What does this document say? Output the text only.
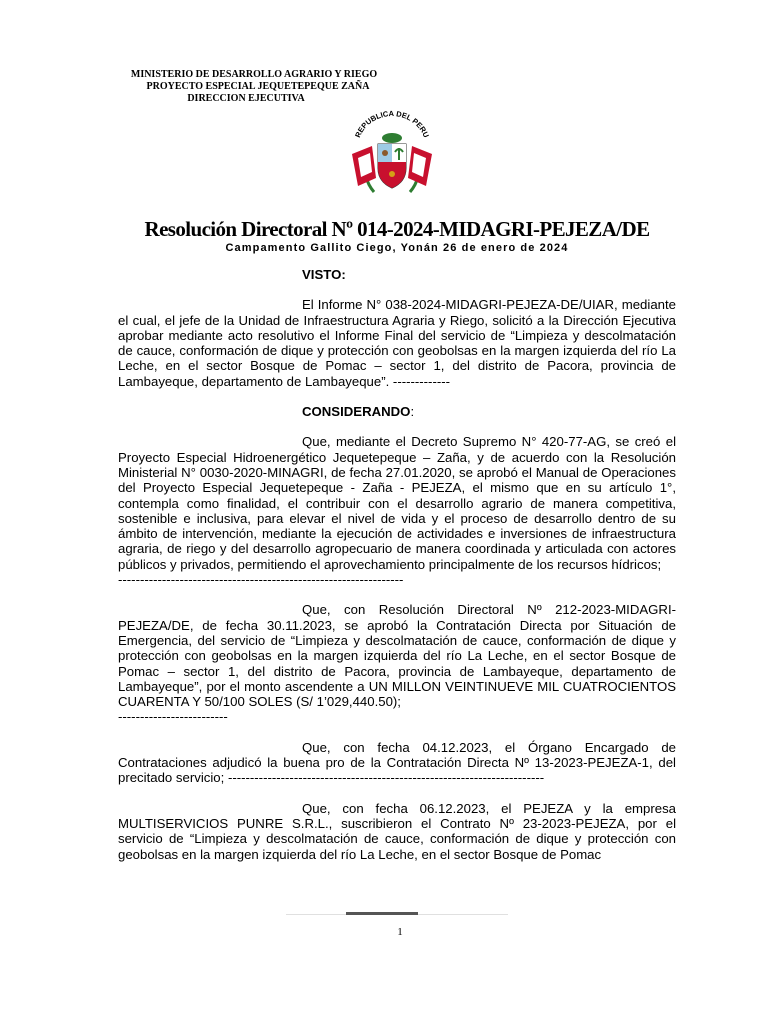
MINISTERIO DE DESARROLLO AGRARIO Y RIEGO
PROYECTO ESPECIAL JEQUETEPEQUE ZAÑA
DIRECCION EJECUTIVA
REPUBLICA DEL PERU
Resolución Directoral Nº 014-2024-MIDAGRI-PEJEZA/DE
Campamento Gallito Ciego, Yonán 26 de enero de 2024

VISTO:

El Informe N° 038-2024-MIDAGRI-PEJEZA-DE/UIAR, mediante el cual, el jefe de la Unidad de Infraestructura Agraria y Riego, solicitó a la Dirección Ejecutiva aprobar mediante acto resolutivo el Informe Final del servicio de “Limpieza y descolmatación de cauce, conformación de dique y protección con geobolsas en la margen izquierda del río La Leche, en el sector Bosque de Pomac – sector 1, del distrito de Pacora, provincia de Lambayeque, departamento de Lambayeque”. -------------

CONSIDERANDO:

Que, mediante el Decreto Supremo N° 420-77-AG, se creó el Proyecto Especial Hidroenergético Jequetepeque – Zaña, y de acuerdo con la Resolución Ministerial N° 0030-2020-MINAGRI, de fecha 27.01.2020, se aprobó el Manual de Operaciones del Proyecto Especial Jequetepeque - Zaña - PEJEZA, el mismo que en su artículo 1°, contempla como finalidad, el contribuir con el desarrollo agrario de manera competitiva, sostenible e inclusiva, para elevar el nivel de vida y el proceso de desarrollo dentro de su ámbito de intervención, mediante la ejecución de actividades e inversiones de infraestructura agraria, de riego y del desarrollo agropecuario de manera coordinada y articulada con actores públicos y privados, permitiendo el aprovechamiento principalmente de los recursos hídricos;

-----------------------------------------------------------------

Que, con Resolución Directoral Nº 212-2023-MIDAGRI- PEJEZA/DE, de fecha 30.11.2023, se aprobó la Contratación Directa por Situación de Emergencia, del servicio de “Limpieza y descolmatación de cauce, conformación de dique y protección con geobolsas en la margen izquierda del río La Leche, en el sector Bosque de Pomac – sector 1, del distrito de Pacora, provincia de Lambayeque, departamento de Lambayeque”, por el monto ascendente a UN MILLON VEINTINUEVE MIL CUATROCIENTOS CUARENTA Y 50/100 SOLES (S/ 1’029,440.50);

-------------------------

Que, con fecha 04.12.2023, el Órgano Encargado de Contrataciones adjudicó la buena pro de la Contratación Directa Nº 13-2023-PEJEZA-1, del precitado servicio; ------------------------------------------------------------------------

Que, con fecha 06.12.2023, el PEJEZA y la empresa MULTISERVICIOS PUNRE S.R.L., suscribieron el Contrato Nº 23-2023-PEJEZA, por el servicio de “Limpieza y descolmatación de cauce, conformación de dique y protección con geobolsas en la margen izquierda del río La Leche, en el sector Bosque de Pomac

1
